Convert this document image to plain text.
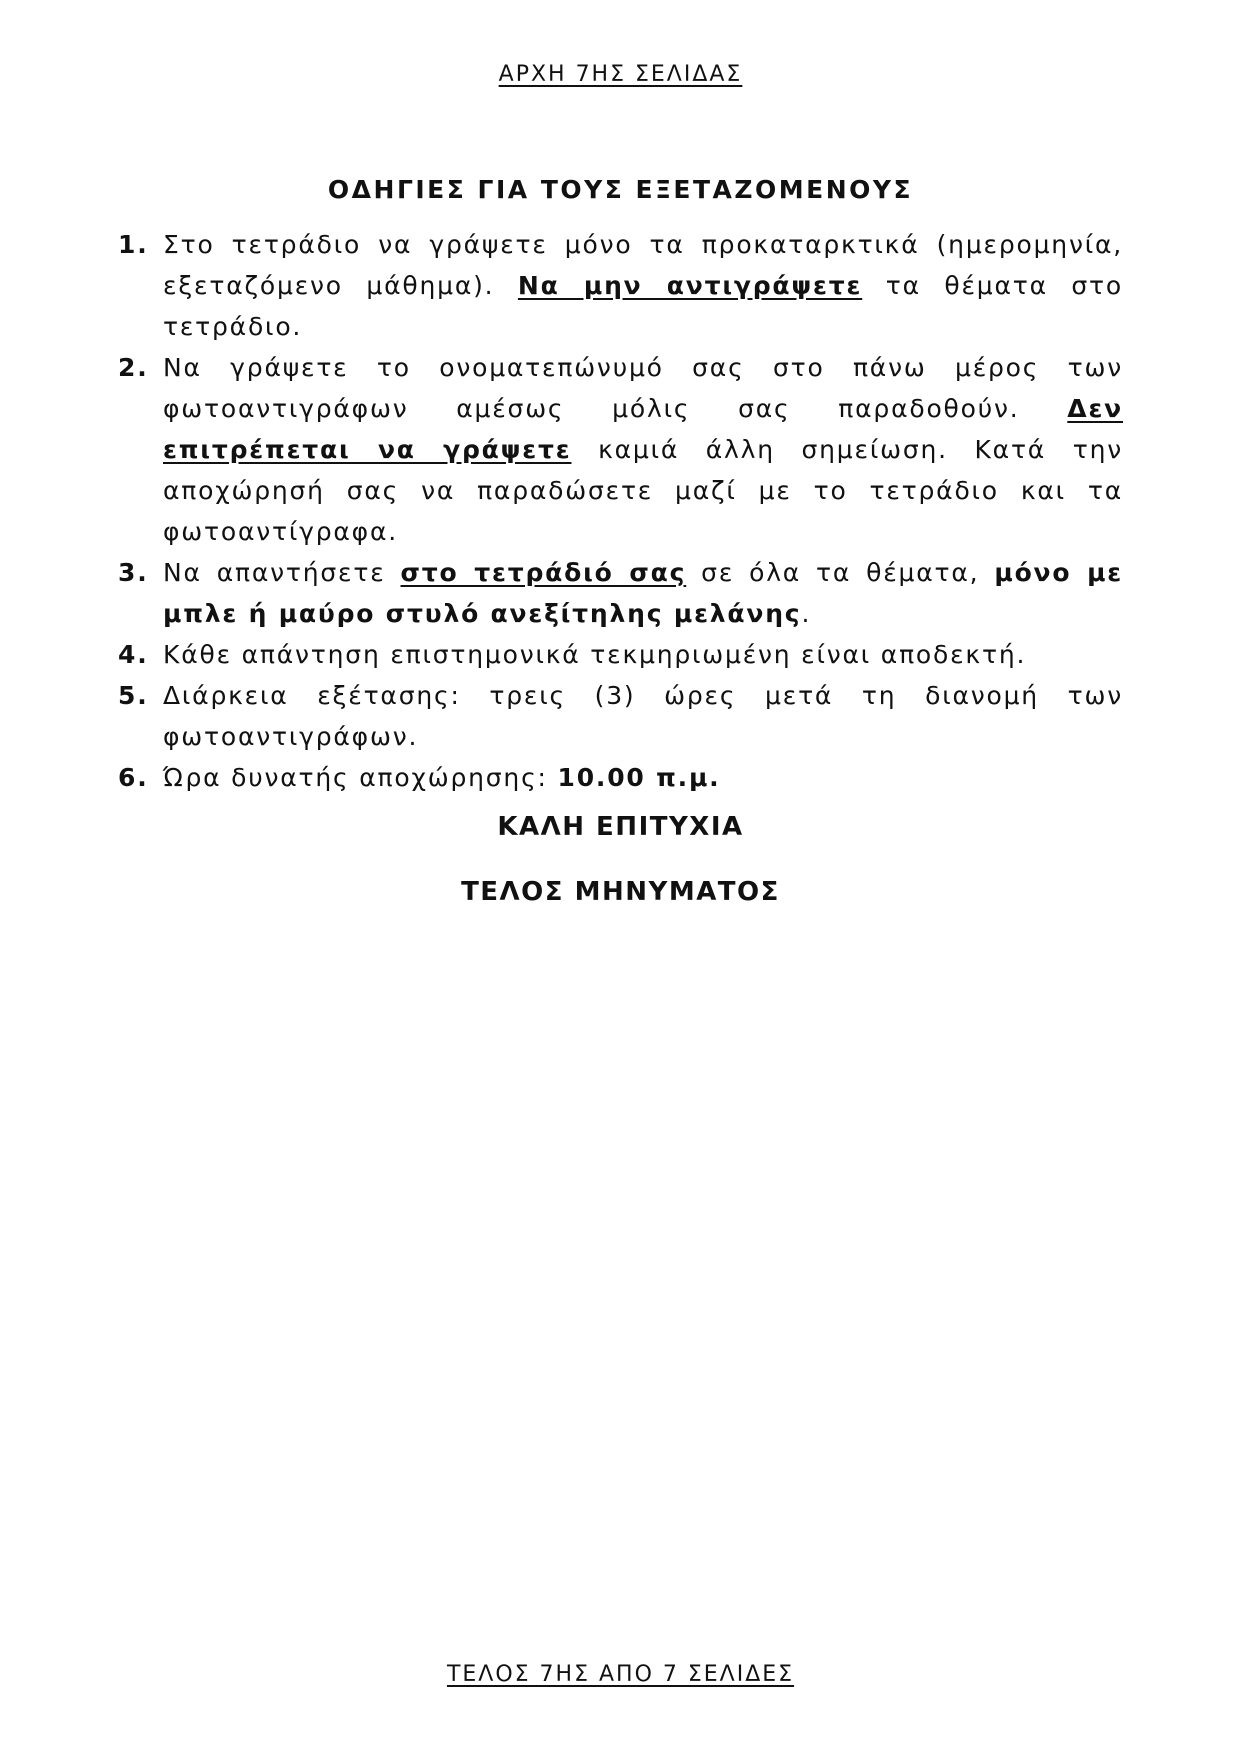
ΑΡΧΗ 7ΗΣ ΣΕΛΙΔΑΣ
ΟΔΗΓΙΕΣ ΓΙΑ ΤΟΥΣ ΕΞΕΤΑΖΟΜΕΝΟΥΣ
1. Στο τετράδιο να γράψετε μόνο τα προκαταρκτικά (ημερομηνία, εξεταζόμενο μάθημα). Να μην αντιγράψετε τα θέματα στο τετράδιο.
2. Να γράψετε το ονοματεπώνυμό σας στο πάνω μέρος των φωτοαντιγράφων αμέσως μόλις σας παραδοθούν. Δεν επιτρέπεται να γράψετε καμιά άλλη σημείωση. Κατά την αποχώρησή σας να παραδώσετε μαζί με το τετράδιο και τα φωτοαντίγραφα.
3. Να απαντήσετε στο τετράδιό σας σε όλα τα θέματα, μόνο με μπλε ή μαύρο στυλό ανεξίτηλης μελάνης.
4. Κάθε απάντηση επιστημονικά τεκμηριωμένη είναι αποδεκτή.
5. Διάρκεια εξέτασης: τρεις (3) ώρες μετά τη διανομή των φωτοαντιγράφων.
6. Ώρα δυνατής αποχώρησης: 10.00 π.μ.
ΚΑΛΗ ΕΠΙΤΥΧΙΑ
ΤΕΛΟΣ ΜΗΝΥΜΑΤΟΣ
ΤΕΛΟΣ 7ΗΣ ΑΠΟ 7 ΣΕΛΙΔΕΣ
